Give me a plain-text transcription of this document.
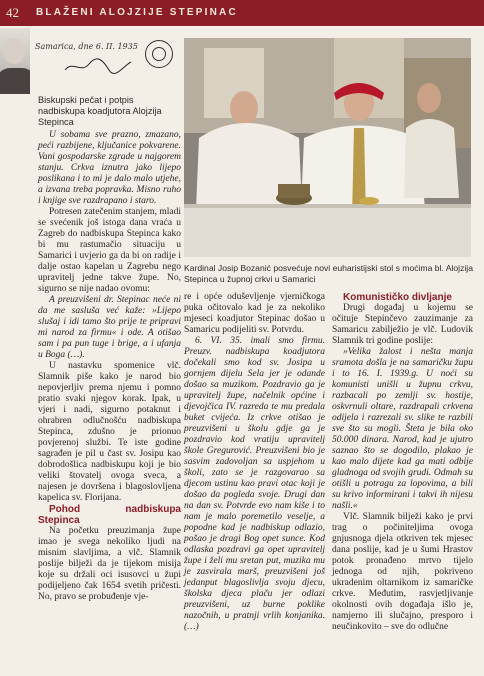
42 BLAŽENI ALOJZIJE STEPINAC
Samarica, dne 6. II. 1935
Biskupski pečat i potpis nadbiskupa koadjutora Alojzija Stepinca
Kardinal Josip Bozanić posvećuje novi euharistijski stol s moćima bl. Alojzija Stepinca u župnoj crkvi u Samarici

U sobama sve prazno, zmazano, peći razbijene, ključanice pokvarene. Vani gospodarske zgrade u najgorem stanju. Crkva iznutra jako lijepo poslikana i to mi je dalo malo utjehe, a izvana treba popravka. Misno ruho i knjige sve razdrapano i staro.

Potresen zatečenim stanjem, mladi se svećenik još istoga dana vraća u Zagreb do nadbiskupa Stepinca kako bi mu rastumačio situaciju u Samarici i uvjerio ga da bi on radije i dalje ostao kapelan u Zagrebu nego upravitelj jedne takve župe. No, sigurno se nije nadao ovomu:

A preuzvišeni dr. Stepinac neće ni da me sasluša već kaže: »Lijepo slušaj i idi tamo što prije te pripravi mi narod za firmu« i ode. A otišao sam i pa pun tuge i brige, a i ufanja u Boga (…).

U nastavku spomenice vlč. Slamnik piše kako je narod bio nepovjerljiv prema njemu i pomno pratio svaki njegov korak. Ipak, u vjeri i nadi, sigurno potaknut i ohrabren odlučnošću nadbiskupa Stepinca, zdušno je prionuo povjerenoj službi. Te iste godine sagrađen je pil u čast sv. Josipu kao dobrodošlica nadbiskupu koji je bio veliki štovatelj ovoga sveca, a najesen je dovršena i blagoslovljena kapelica sv. Florijana.

Pohod nadbiskupa Stepinca

Na početku preuzimanja župe imao je svega nekoliko ljudi na misnim slavljima, a vlč. Slamnik poslije bilježi da je tijekom misija koje su držali oci isusovci u župi podijeljeno čak 1654 svetih pričesti. No, pravo se probuđenje vje-

re i opće oduševljenje vjerničkoga puka očitovalo kad je za nekoliko mjeseci koadjutor Stepinac došao u Samaricu podijeliti sv. Potvrdu.

6. VI. 35. imali smo firmu. Preuzv. nadbiskupa koadjutora dočekali smo kod sv. Josipa u gornjem dijelu Sela jer je odande došao sa muzikom. Pozdravio ga je upravitelj župe, načelnik općine i djevojčica IV. razreda te mu predala buket cvijeća. Iz crkve otišao je preuzvišeni u školu gdje ga je pozdravio kod vratiju upravitelj škole Gregurović. Preuzvišeni bio je sasvim zadovoljan sa uspjehom u školi, zato se je razgovarao sa djecom ustinu kao pravi otac koji je došao da pogleda svoje. Drugi dan na dan sv. Potvrde evo nam kiše i to nam je malo poremetilo veselje, a popodne kad je nadbiskup odlazio, pošao je dragi Bog opet sunce. Kod odlaska pozdravi ga opet upravitelj župe i želi mu sretan put, muzika mu je zasvirala marš, preuzvišeni još jedanput blagoslivlja svoju djecu, školska djeca plaču jer odlazi preuzvišeni, uz burne poklike nazočnih, u pratnji vrlih konjanika.(…)

Komunističko divljanje

Drugi događaj u kojemu se očituje Stepinčevo zauzimanje za Samaricu zabilježio je vlč. Ludovik Slamnik tri godine poslije:

»Velika žalost i nešta manja sramota došla je na samaričku župu i to 16. I. 1939.g. U noći su komunisti unišli u župnu crkvu, razbacali po zemlji sv. hostije, oskvrnuli oltare, razdrapali crkvena odijela i razrezali sv. slike te razbili sve što su mogli. Šteta je bila oko 50.000 dinara. Narod, kad je ujutro saznao što se dogodilo, plakao je kao malo dijete kad ga mati odbije gladnoga od svojih grudi. Odmah su otišli u potragu za lopovima, a bili su krivo informirani i takvi ih nijesu našli.«

Vlč. Slamnik bilježi kako je prvi trag o počiniteljima ovoga gnjusnoga djela otkriven tek mjesec dana poslije, kad je u šumi Hrastov potok pronađeno mrtvo tijelo jednoga od njih, pokriveno ukradenim oltarnikom iz samaričke crkve. Međutim, rasvjetljivanje okolnosti ovih događaja išlo je, namjerno ili slučajno, presporo i neučinkovito – sve do odlučne
